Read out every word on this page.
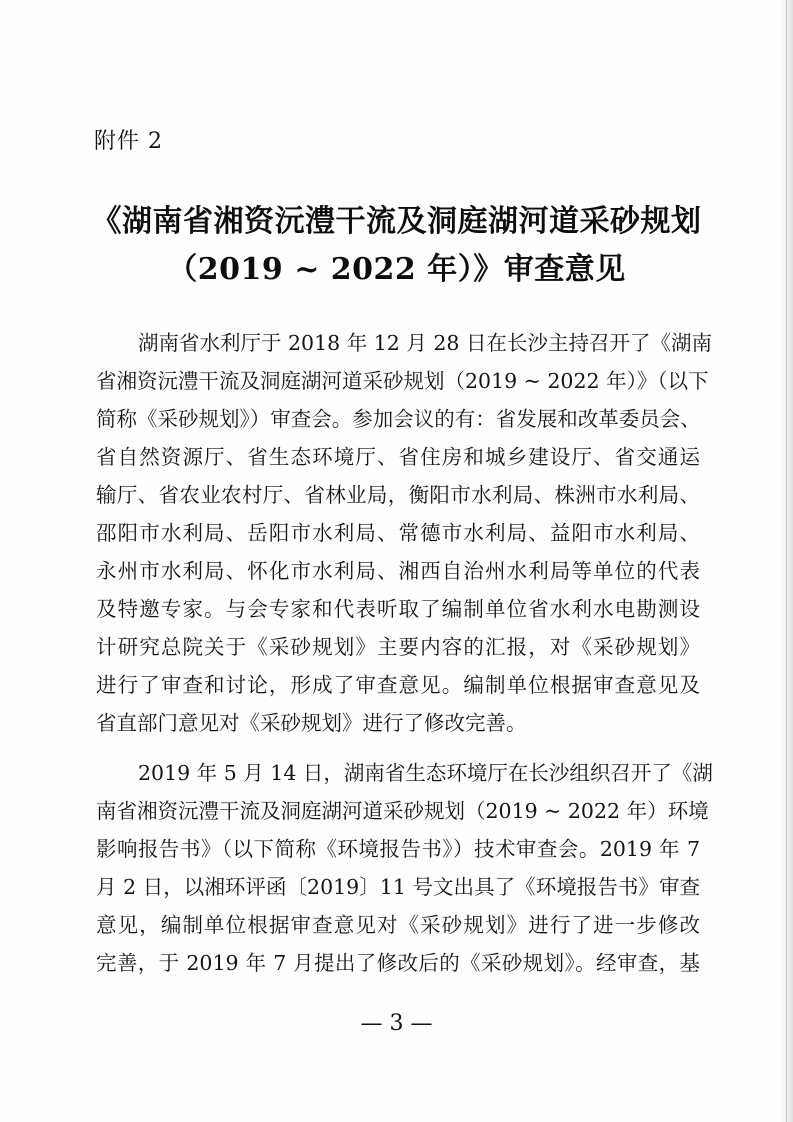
附件 2
《湖南省湘资沅澧干流及洞庭湖河道采砂规划
（2019 ~ 2022 年）》审查意见
湖南省水利厅于 2018 年 12 月 28 日在长沙主持召开了《湖南
省湘资沅澧干流及洞庭湖河道采砂规划（2019 ~ 2022 年）》（以下
简称《采砂规划》）审查会。参加会议的有：省发展和改革委员会、
省自然资源厅、省生态环境厅、省住房和城乡建设厅、省交通运
输厅、省农业农村厅、省林业局，衡阳市水利局、株洲市水利局、
邵阳市水利局、岳阳市水利局、常德市水利局、益阳市水利局、
永州市水利局、怀化市水利局、湘西自治州水利局等单位的代表
及特邀专家。与会专家和代表听取了编制单位省水利水电勘测设
计研究总院关于《采砂规划》主要内容的汇报，对《采砂规划》
进行了审查和讨论，形成了审查意见。编制单位根据审查意见及
省直部门意见对《采砂规划》进行了修改完善。
2019 年 5 月 14 日，湖南省生态环境厅在长沙组织召开了《湖
南省湘资沅澧干流及洞庭湖河道采砂规划（2019 ~ 2022 年）环境
影响报告书》（以下简称《环境报告书》）技术审查会。2019 年 7
月 2 日，以湘环评函〔2019〕11 号文出具了《环境报告书》审查
意见，编制单位根据审查意见对《采砂规划》进行了进一步修改
完善，于 2019 年 7 月提出了修改后的《采砂规划》。经审查，基
— 3 —
